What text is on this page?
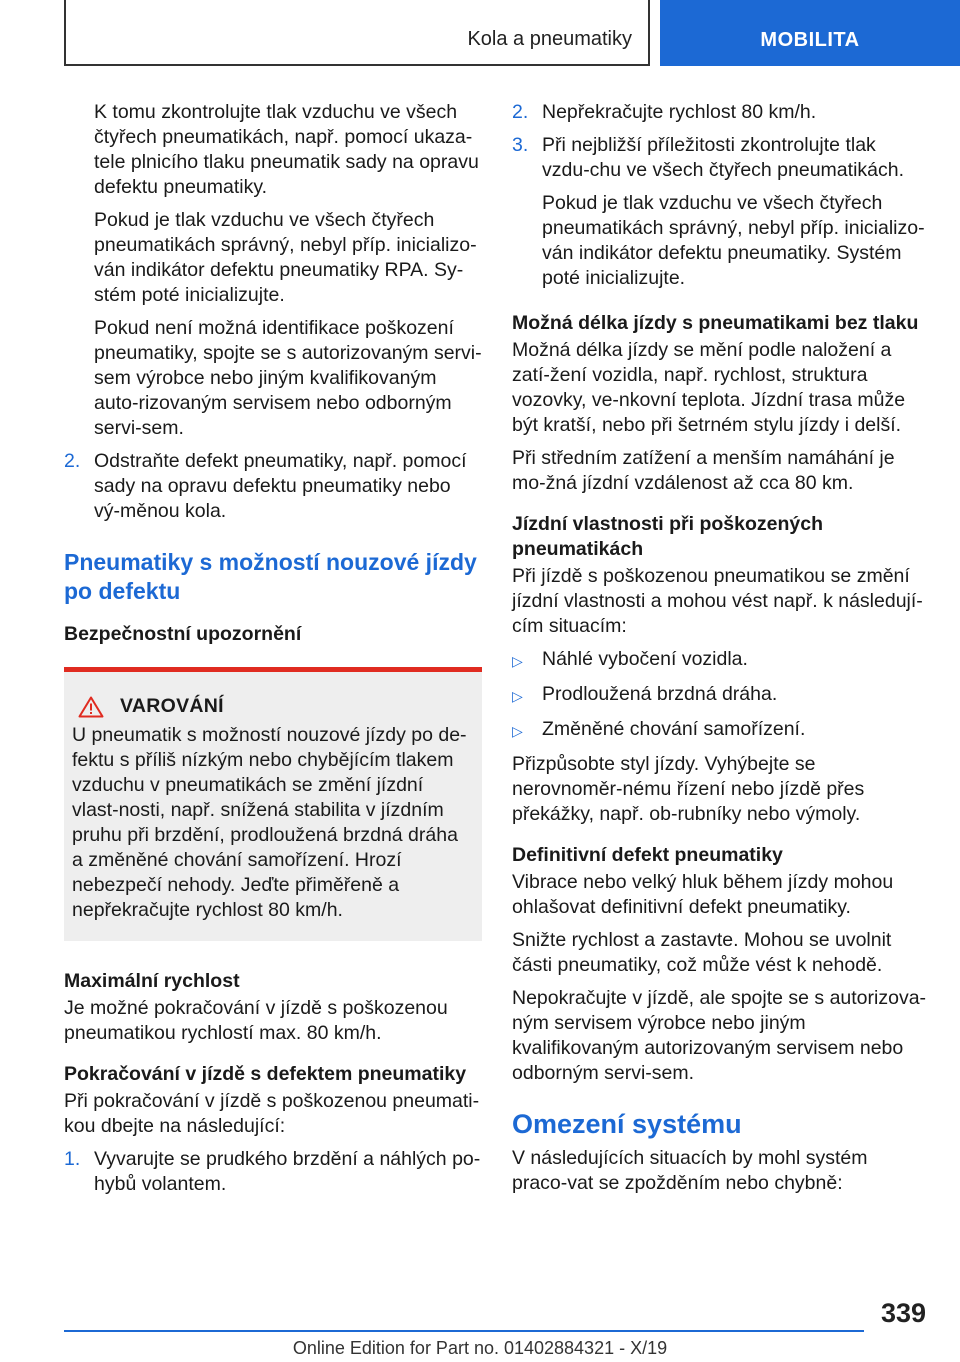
Kola a pneumatiky	MOBILITA

K tomu zkontrolujte tlak vzduchu ve všech čtyřech pneumatikách, např. pomocí ukaza-tele plnicího tlaku pneumatik sady na opravu defektu pneumatiky.

Pokud je tlak vzduchu ve všech čtyřech pneumatikách správný, nebyl příp. inicializo-ván indikátor defektu pneumatiky RPA. Sy-stém poté inicializujte.

Pokud není možná identifikace poškození pneumatiky, spojte se s autorizovaným servi-sem výrobce nebo jiným kvalifikovaným auto-rizovaným servisem nebo odborným servi-sem.

2. Odstraňte defekt pneumatiky, např. pomocí sady na opravu defektu pneumatiky nebo vý-měnou kola.
Pneumatiky s možností nouzové jízdy po defektu
Bezpečnostní upozornění
VAROVÁNÍ
U pneumatik s možností nouzové jízdy po de-fektu s příliš nízkým nebo chybějícím tlakem vzduchu v pneumatikách se změní jízdní vlast-nosti, např. snížená stabilita v jízdním pruhu při brzdění, prodloužená brzdná dráha a změněné chování samořízení. Hrozí nebezpečí nehody. Jeďte přiměřeně a nepřekračujte rychlost 80 km/h.
Maximální rychlost

Je možné pokračování v jízdě s poškozenou pneumatikou rychlostí max. 80 km/h.

Pokračování v jízdě s defektem pneumatiky

Při pokračování v jízdě s poškozenou pneumati-kou dbejte na následující:

1. Vyvarujte se prudkého brzdění a náhlých po-hybů volantem.
2. Nepřekračujte rychlost 80 km/h.
3. Při nejbližší příležitosti zkontrolujte tlak vzdu-chu ve všech čtyřech pneumatikách.

Pokud je tlak vzduchu ve všech čtyřech pneumatikách správný, nebyl příp. inicializo-ván indikátor defektu pneumatiky. Systém poté inicializujte.

Možná délka jízdy s pneumatikami bez tlaku

Možná délka jízdy se mění podle naložení a zatí-žení vozidla, např. rychlost, struktura vozovky, ve-nkovní teplota. Jízdní trasa může být kratší, nebo při šetrném stylu jízdy i delší.

Při středním zatížení a menším namáhání je mo-žná jízdní vzdálenost až cca 80 km.

Jízdní vlastnosti při poškozených pneumatikách

Při jízdě s poškozenou pneumatikou se změní jízdní vlastnosti a mohou vést např. k následují-cím situacím:

▷ Náhlé vybočení vozidla.
▷ Prodloužená brzdná dráha.
▷ Změněné chování samořízení.

Přizpůsobte styl jízdy. Vyhýbejte se nerovnoměr-nému řízení nebo jízdě přes překážky, např. ob-rubníky nebo výmoly.

Definitivní defekt pneumatiky

Vibrace nebo velký hluk během jízdy mohou ohlašovat definitivní defekt pneumatiky.

Snižte rychlost a zastavte. Mohou se uvolnit části pneumatiky, což může vést k nehodě.

Nepokračujte v jízdě, ale spojte se s autorizova-ným servisem výrobce nebo jiným kvalifikovaným autorizovaným servisem nebo odborným servi-sem.

Omezení systému

V následujících situacích by mohl systém praco-vat se zpožděním nebo chybně:

339
Online Edition for Part no. 01402884321 - X/19
